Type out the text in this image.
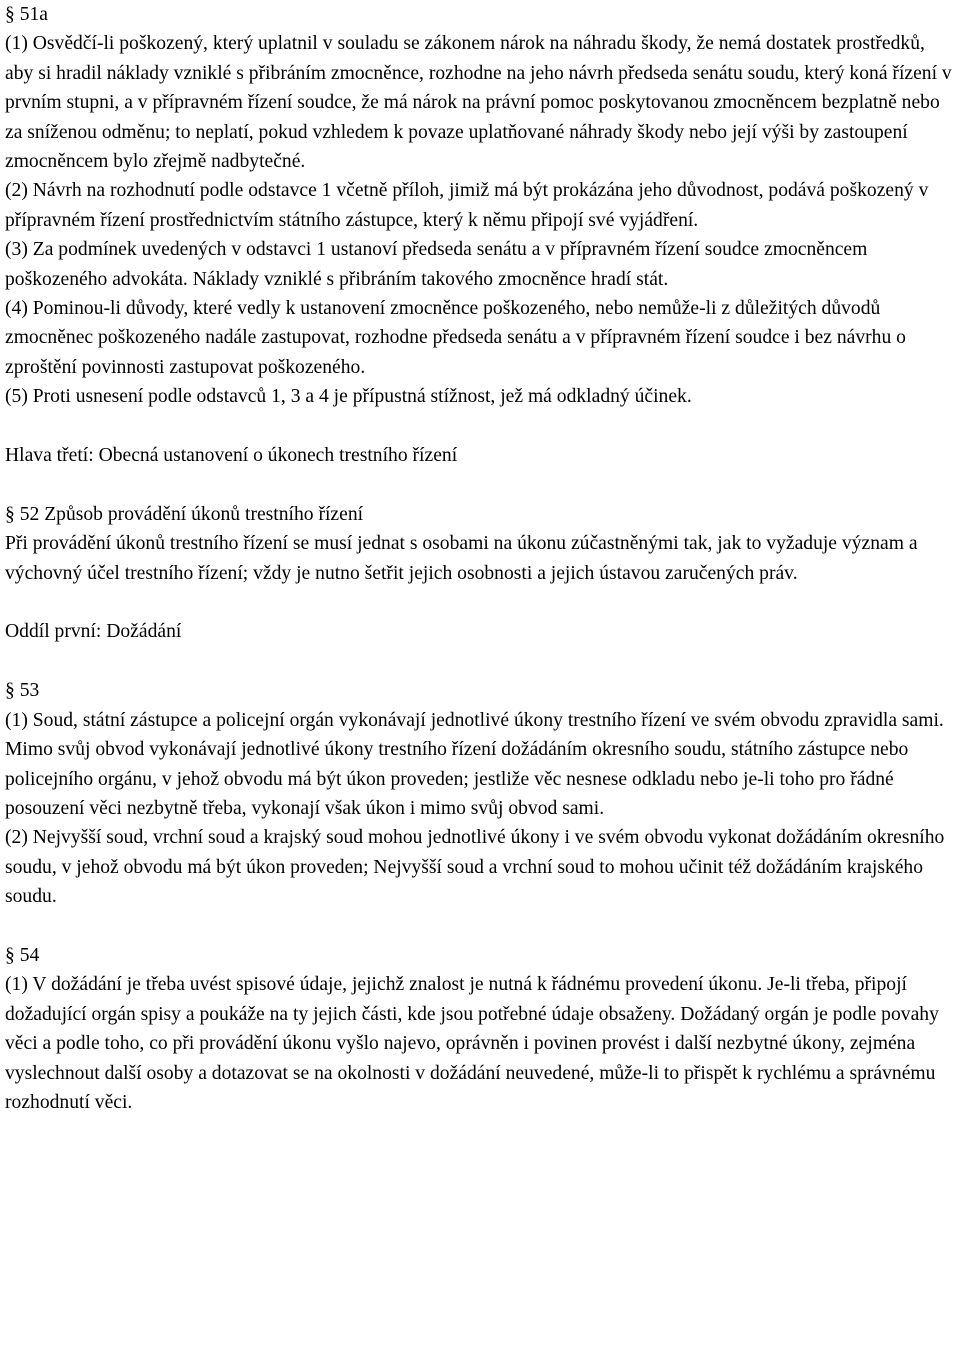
§ 51a

(1) Osvědčí-li poškozený, který uplatnil v souladu se zákonem nárok na náhradu škody, že nemá dostatek prostředků, aby si hradil náklady vzniklé s přibráním zmocněnce, rozhodne na jeho návrh předseda senátu soudu, který koná řízení v prvním stupni, a v přípravném řízení soudce, že má nárok na právní pomoc poskytovanou zmocněncem bezplatně nebo za sníženou odměnu; to neplatí, pokud vzhledem k povaze uplatňované náhrady škody nebo její výši by zastoupení zmocněncem bylo zřejmě nadbytečné.

(2) Návrh na rozhodnutí podle odstavce 1 včetně příloh, jimiž má být prokázána jeho důvodnost, podává poškozený v přípravném řízení prostřednictvím státního zástupce, který k němu připojí své vyjádření.

(3) Za podmínek uvedených v odstavci 1 ustanoví předseda senátu a v přípravném řízení soudce zmocněncem poškozeného advokáta. Náklady vzniklé s přibráním takového zmocněnce hradí stát.

(4) Pominou-li důvody, které vedly k ustanovení zmocněnce poškozeného, nebo nemůže-li z důležitých důvodů zmocněnec poškozeného nadále zastupovat, rozhodne předseda senátu a v přípravném řízení soudce i bez návrhu o zproštění povinnosti zastupovat poškozeného.

(5) Proti usnesení podle odstavců 1, 3 a 4 je přípustná stížnost, jež má odkladný účinek.

Hlava třetí: Obecná ustanovení o úkonech trestního řízení

§ 52 Způsob provádění úkonů trestního řízení

Při provádění úkonů trestního řízení se musí jednat s osobami na úkonu zúčastněnými tak, jak to vyžaduje význam a výchovný účel trestního řízení; vždy je nutno šetřit jejich osobnosti a jejich ústavou zaručených práv.

Oddíl první: Dožádání

§ 53

(1) Soud, státní zástupce a policejní orgán vykonávají jednotlivé úkony trestního řízení ve svém obvodu zpravidla sami. Mimo svůj obvod vykonávají jednotlivé úkony trestního řízení dožádáním okresního soudu, státního zástupce nebo policejního orgánu, v jehož obvodu má být úkon proveden; jestliže věc nesnese odkladu nebo je-li toho pro řádné posouzení věci nezbytně třeba, vykonají však úkon i mimo svůj obvod sami.

(2) Nejvyšší soud, vrchní soud a krajský soud mohou jednotlivé úkony i ve svém obvodu vykonat dožádáním okresního soudu, v jehož obvodu má být úkon proveden; Nejvyšší soud a vrchní soud to mohou učinit též dožádáním krajského soudu.

§ 54

(1) V dožádání je třeba uvést spisové údaje, jejichž znalost je nutná k řádnému provedení úkonu. Je-li třeba, připojí dožadující orgán spisy a poukáže na ty jejich části, kde jsou potřebné údaje obsaženy. Dožádaný orgán je podle povahy věci a podle toho, co při provádění úkonu vyšlo najevo, oprávněn i povinen provést i další nezbytné úkony, zejména vyslechnout další osoby a dotazovat se na okolnosti v dožádání neuvedené, může-li to přispět k rychlému a správnému rozhodnutí věci.
